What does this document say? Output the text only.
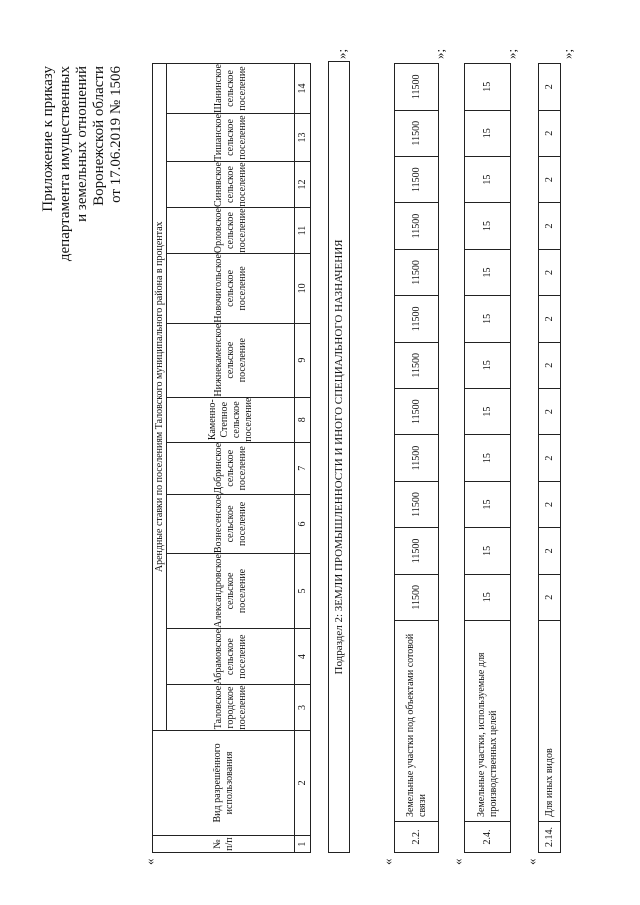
Приложение к приказу департамента имущественных и земельных отношений Воронежской области от 17.06.2019 № 1506
«
№ п/п	Вид разрешённого использования	Арендные ставки по поселениям Таловского муниципального района в процентах											
		Таловское городское поселение	Абрамовское сельское поселение	Александровское сельское поселение	Вознесенское сельское поселение	Добринское сельское поселение	Каменно-Степное сельское поселение	Нижнекаменское сельское поселение	Новочигольское сельское поселение	Орловское сельское поселение	Синявское сельское поселение	Тишанское сельское поселение	Шанинское сельское поселение
1	2	3	4	5	6	7	8	9	10	11	12	13	14
Подраздел 2: ЗЕМЛИ ПРОМЫШЛЕННОСТИ И ИНОГО СПЕЦИАЛЬНОГО НАЗНАЧЕНИЯ
»;
«
2.2.	Земельные участки под объектами сотовой связи	11500	11500	11500	11500	11500	11500	11500	11500	11500	11500	11500	11500
»;
«
2.4.	Земельные участки, используемые для производственных целей	15	15	15	15	15	15	15	15	15	15	15	15
»;
«
2.14.	Для иных видов	2	2	2	2	2	2	2	2	2	2	2	2
»;
